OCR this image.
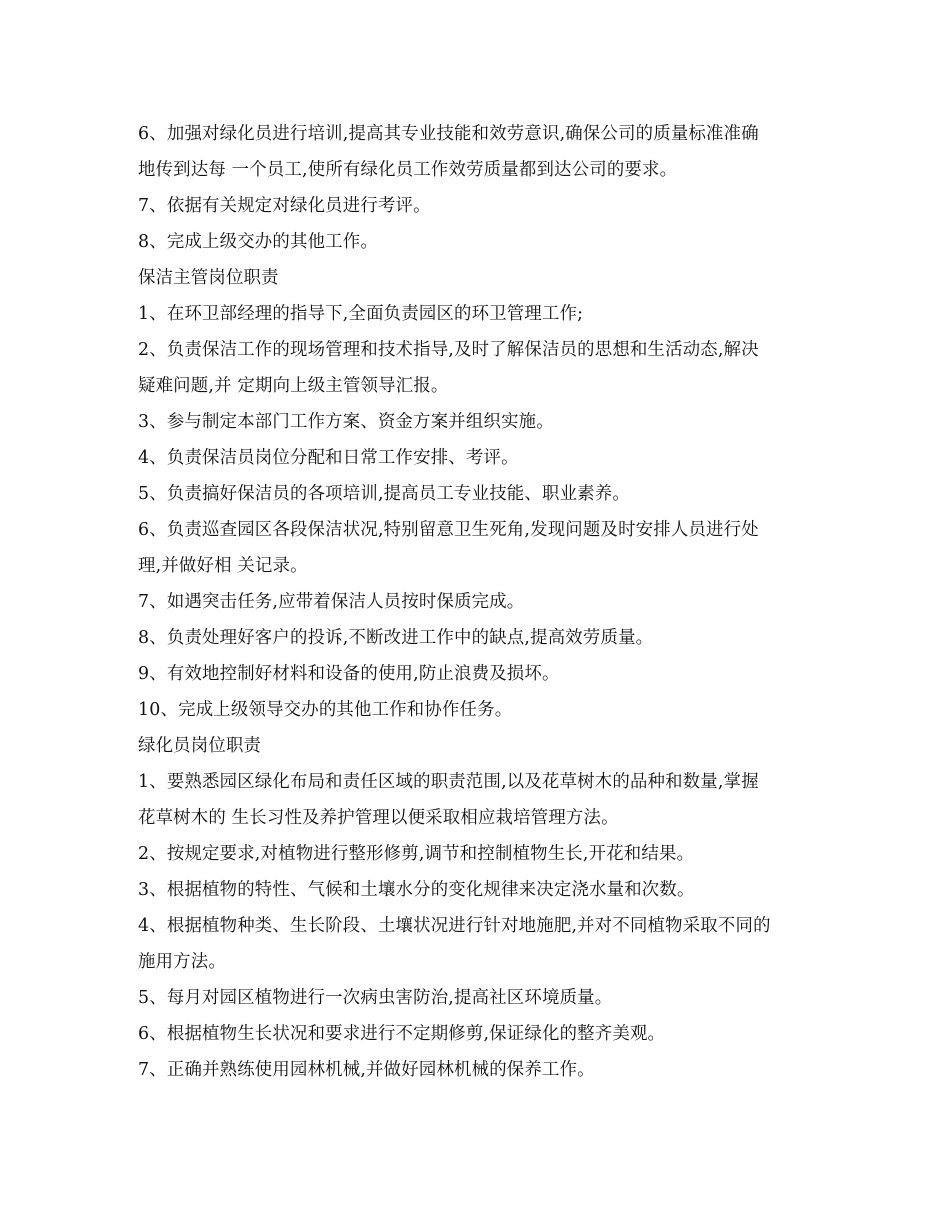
6、加强对绿化员进行培训,提高其专业技能和效劳意识,确保公司的质量标准准确
地传到达每 一个员工,使所有绿化员工作效劳质量都到达公司的要求。
7、依据有关规定对绿化员进行考评。
8、完成上级交办的其他工作。
保洁主管岗位职责
1、在环卫部经理的指导下,全面负责园区的环卫管理工作;
2、负责保洁工作的现场管理和技术指导,及时了解保洁员的思想和生活动态,解决
疑难问题,并 定期向上级主管领导汇报。
3、参与制定本部门工作方案、资金方案并组织实施。
4、负责保洁员岗位分配和日常工作安排、考评。
5、负责搞好保洁员的各项培训,提高员工专业技能、职业素养。
6、负责巡查园区各段保洁状况,特别留意卫生死角,发现问题及时安排人员进行处
理,并做好相 关记录。
7、如遇突击任务,应带着保洁人员按时保质完成。
8、负责处理好客户的投诉,不断改进工作中的缺点,提高效劳质量。
9、有效地控制好材料和设备的使用,防止浪费及损坏。
10、完成上级领导交办的其他工作和协作任务。
绿化员岗位职责
1、要熟悉园区绿化布局和责任区域的职责范围,以及花草树木的品种和数量,掌握
花草树木的 生长习性及养护管理以便采取相应栽培管理方法。
2、按规定要求,对植物进行整形修剪,调节和控制植物生长,开花和结果。
3、根据植物的特性、气候和土壤水分的变化规律来决定浇水量和次数。
4、根据植物种类、生长阶段、土壤状况进行针对地施肥,并对不同植物采取不同的
施用方法。
5、每月对园区植物进行一次病虫害防治,提高社区环境质量。
6、根据植物生长状况和要求进行不定期修剪,保证绿化的整齐美观。
7、正确并熟练使用园林机械,并做好园林机械的保养工作。
